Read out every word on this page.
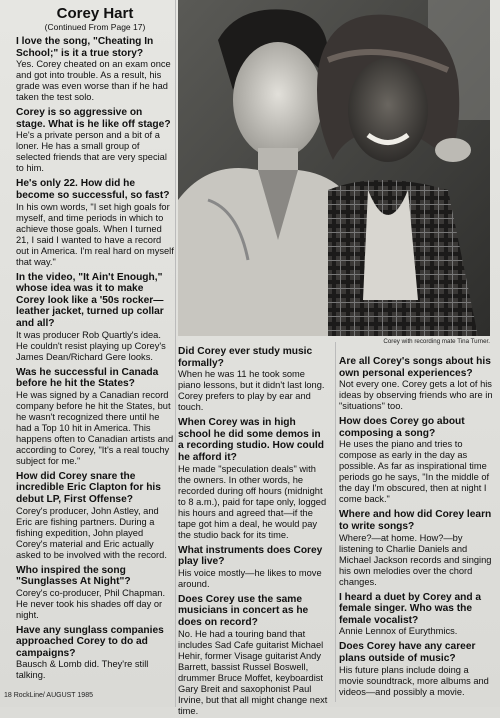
Corey Hart
(Continued From Page 17)
I love the song, "Cheating In School;" is it a true story?
Yes. Corey cheated on an exam once and got into trouble. As a result, his grade was even worse than if he had taken the test solo.
Corey is so aggressive on stage. What is he like off stage?
He's a private person and a bit of a loner. He has a small group of selected friends that are very special to him.
He's only 22. How did he become so successful, so fast?
In his own words, "I set high goals for myself, and time periods in which to achieve those goals. When I turned 21, I said I wanted to have a record out in America. I'm real hard on myself that way."
In the video, "It Ain't Enough," whose idea was it to make Corey look like a '50s rocker—leather jacket, turned up collar and all?
It was producer Rob Quartly's idea. He couldn't resist playing up Corey's James Dean/Richard Gere looks.
Was he successful in Canada before he hit the States?
He was signed by a Canadian record company before he hit the States, but he wasn't recognized there until he had a Top 10 hit in America. This happens often to Canadian artists and according to Corey, "It's a real touchy subject for me."
How did Corey snare the incredible Eric Clapton for his debut LP, First Offense?
Corey's producer, John Astley, and Eric are fishing partners. During a fishing expedition, John played Corey's material and Eric actually asked to be involved with the record.
Who inspired the song "Sunglasses At Night"?
Corey's co-producer, Phil Chapman. He never took his shades off day or night.
Have any sunglass companies approached Corey to do ad campaigns?
Bausch & Lomb did. They're still talking.
Corey with recording mate Tina Turner.
Did Corey ever study music formally?
When he was 11 he took some piano lessons, but it didn't last long. Corey prefers to play by ear and touch.
When Corey was in high school he did some demos in a recording studio. How could he afford it?
He made "speculation deals" with the owners. In other words, he recorded during off hours (midnight to 8 a.m.), paid for tape only, logged his hours and agreed that—if the tape got him a deal, he would pay the studio back for its time.
What instruments does Corey play live?
His voice mostly—he likes to move around.
Does Corey use the same musicians in concert as he does on record?
No. He had a touring band that includes Sad Cafe guitarist Michael Hehir, former Visage guitarist Andy Barrett, bassist Russel Boswell, drummer Bruce Moffet, keyboardist Gary Breit and saxophonist Paul Irvine, but that all might change next time.
Are all Corey's songs about his own personal experiences?
Not every one. Corey gets a lot of his ideas by observing friends who are in "situations" too.
How does Corey go about composing a song?
He uses the piano and tries to compose as early in the day as possible. As far as inspirational time periods go he says, "In the middle of the day I'm obscured, then at night I come back."
Where and how did Corey learn to write songs?
Where?—at home. How?—by listening to Charlie Daniels and Michael Jackson records and singing his own melodies over the chord changes.
I heard a duet by Corey and a female singer. Who was the female vocalist?
Annie Lennox of Eurythmics.
Does Corey have any career plans outside of music?
His future plans include doing a movie soundtrack, more albums and videos—and possibly a movie.
18 RockLine/ AUGUST 1985
